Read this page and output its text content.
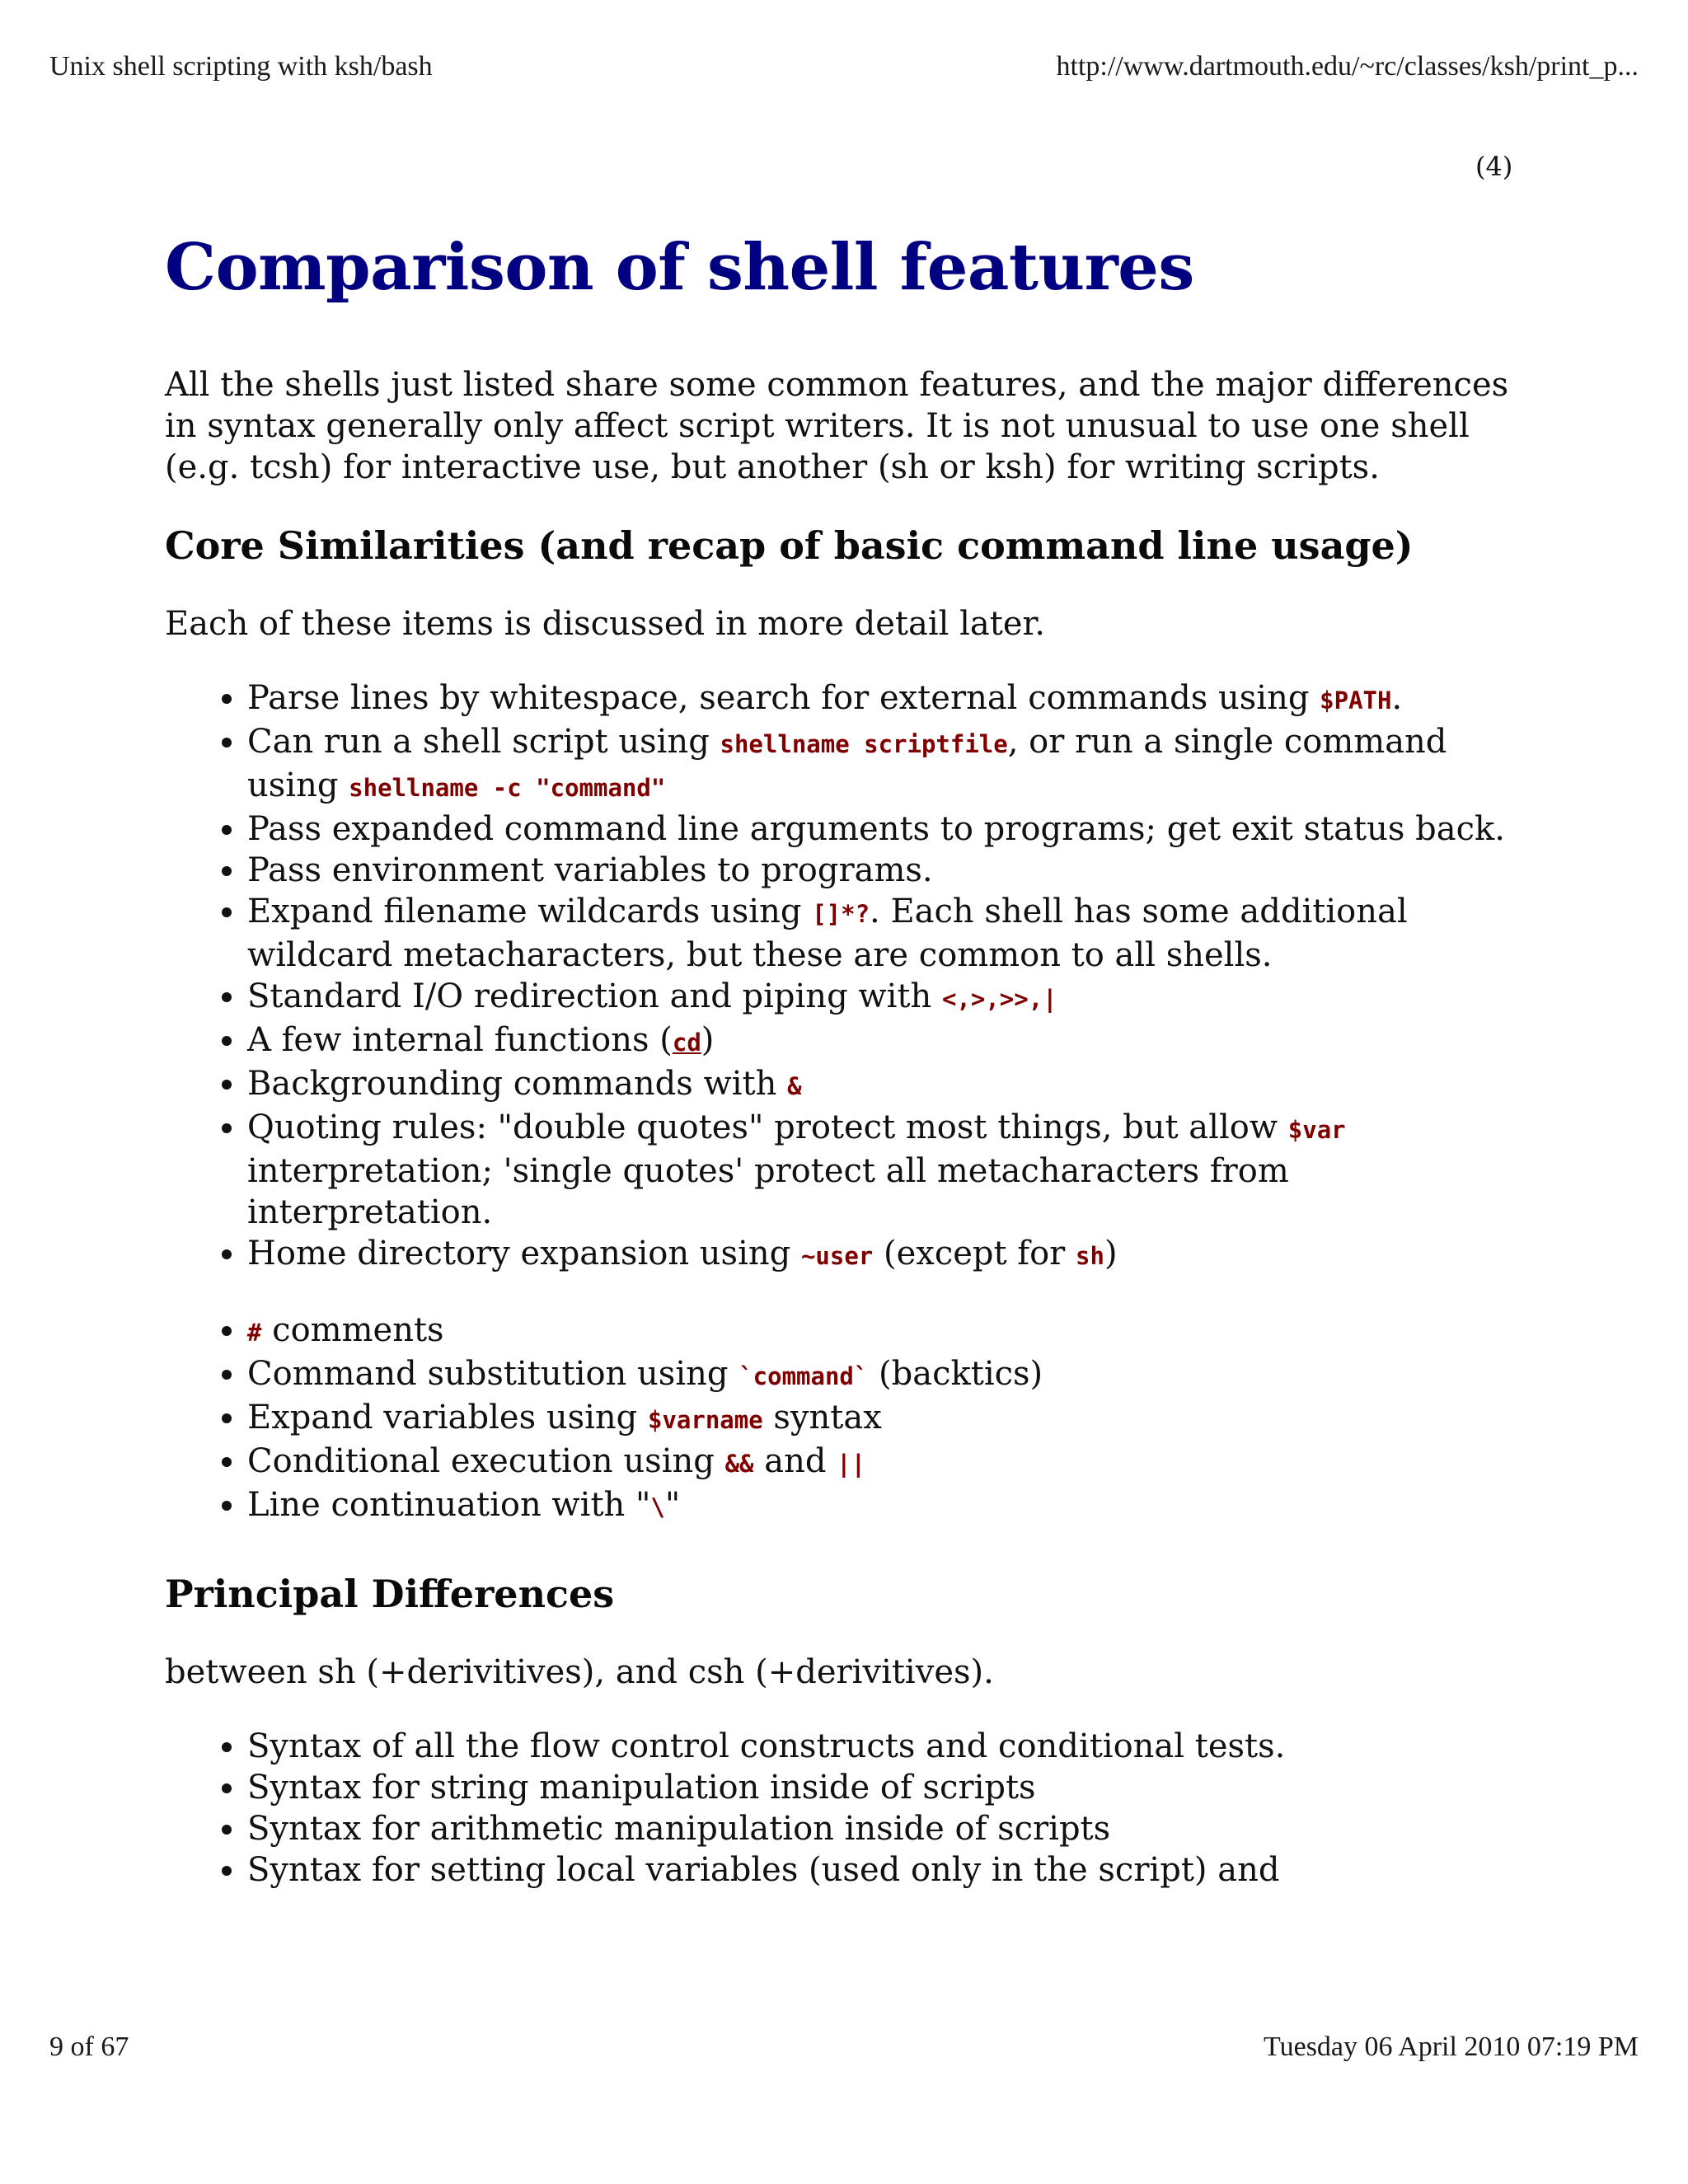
Unix shell scripting with ksh/bash	http://www.dartmouth.edu/~rc/classes/ksh/print_p...
(4)
Comparison of shell features

All the shells just listed share some common features, and the major differences in syntax generally only affect script writers. It is not unusual to use one shell (e.g. tcsh) for interactive use, but another (sh or ksh) for writing scripts.

Core Similarities (and recap of basic command line usage)

Each of these items is discussed in more detail later.

• Parse lines by whitespace, search for external commands using $PATH.
• Can run a shell script using shellname scriptfile, or run a single command using shellname -c "command"
• Pass expanded command line arguments to programs; get exit status back.
• Pass environment variables to programs.
• Expand filename wildcards using []*?. Each shell has some additional wildcard metacharacters, but these are common to all shells.
• Standard I/O redirection and piping with <,>,>>,|
• A few internal functions (cd)
• Backgrounding commands with &
• Quoting rules: "double quotes" protect most things, but allow $var interpretation; 'single quotes' protect all metacharacters from interpretation.
• Home directory expansion using ~user (except for sh)
• # comments
• Command substitution using `command` (backtics)
• Expand variables using $varname syntax
• Conditional execution using && and ||
• Line continuation with "\"
Principal Differences

between sh (+derivitives), and csh (+derivitives).

• Syntax of all the flow control constructs and conditional tests.
• Syntax for string manipulation inside of scripts
• Syntax for arithmetic manipulation inside of scripts
• Syntax for setting local variables (used only in the script) and
9 of 67	Tuesday 06 April 2010 07:19 PM
